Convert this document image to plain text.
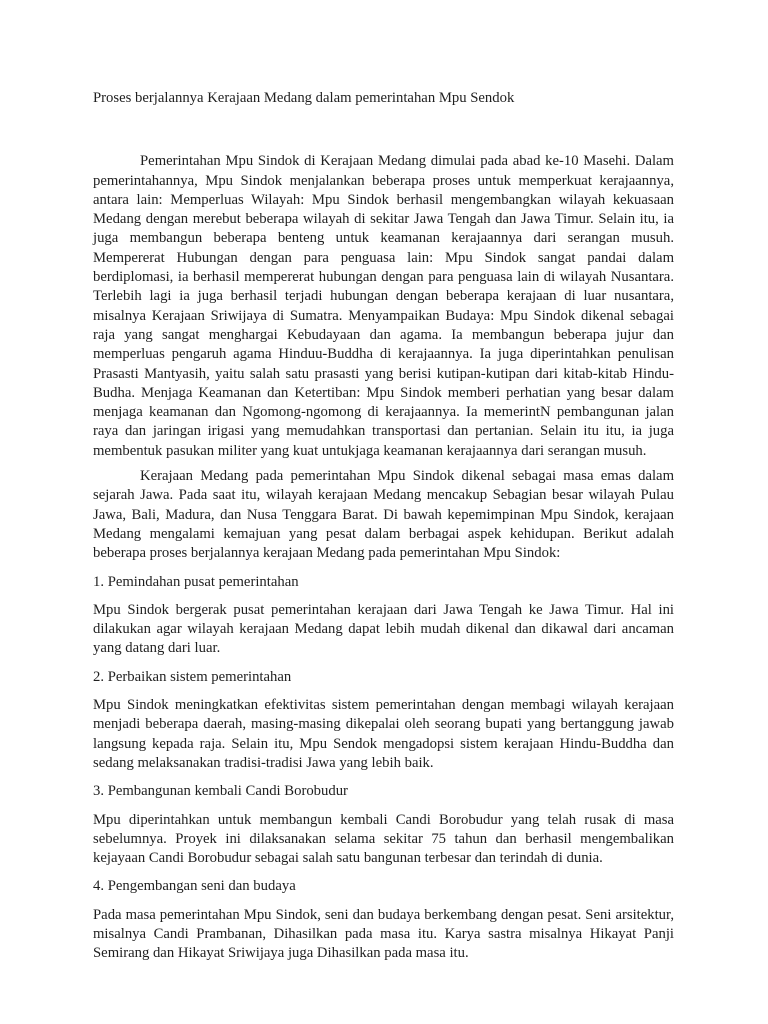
Proses berjalannya Kerajaan Medang dalam pemerintahan Mpu Sendok

Pemerintahan Mpu Sindok di Kerajaan Medang dimulai pada abad ke-10 Masehi. Dalam pemerintahannya, Mpu Sindok menjalankan beberapa proses untuk memperkuat kerajaannya, antara lain: Memperluas Wilayah: Mpu Sindok berhasil mengembangkan wilayah kekuasaan Medang dengan merebut beberapa wilayah di sekitar Jawa Tengah dan Jawa Timur. Selain itu, ia juga membangun beberapa benteng untuk keamanan kerajaannya dari serangan musuh. Mempererat Hubungan dengan para penguasa lain: Mpu Sindok sangat pandai dalam berdiplomasi, ia berhasil mempererat hubungan dengan para penguasa lain di wilayah Nusantara. Terlebih lagi ia juga berhasil terjadi hubungan dengan beberapa kerajaan di luar nusantara, misalnya Kerajaan Sriwijaya di Sumatra. Menyampaikan Budaya: Mpu Sindok dikenal sebagai raja yang sangat menghargai Kebudayaan dan agama. Ia membangun beberapa jujur dan memperluas pengaruh agama Hinduu-Buddha di kerajaannya. Ia juga diperintahkan penulisan Prasasti Mantyasih, yaitu salah satu prasasti yang berisi kutipan-kutipan dari kitab-kitab Hindu-Budha. Menjaga Keamanan dan Ketertiban: Mpu Sindok memberi perhatian yang besar dalam menjaga keamanan dan Ngomong-ngomong di kerajaannya. Ia memerintN pembangunan jalan raya dan jaringan irigasi yang memudahkan transportasi dan pertanian. Selain itu itu, ia juga membentuk pasukan militer yang kuat untukjaga keamanan kerajaannya dari serangan musuh.

Kerajaan Medang pada pemerintahan Mpu Sindok dikenal sebagai masa emas dalam sejarah Jawa. Pada saat itu, wilayah kerajaan Medang mencakup Sebagian besar wilayah Pulau Jawa, Bali, Madura, dan Nusa Tenggara Barat. Di bawah kepemimpinan Mpu Sindok, kerajaan Medang mengalami kemajuan yang pesat dalam berbagai aspek kehidupan. Berikut adalah beberapa proses berjalannya kerajaan Medang pada pemerintahan Mpu Sindok:

1. Pemindahan pusat pemerintahan

Mpu Sindok bergerak pusat pemerintahan kerajaan dari Jawa Tengah ke Jawa Timur. Hal ini dilakukan agar wilayah kerajaan Medang dapat lebih mudah dikenal dan dikawal dari ancaman yang datang dari luar.

2. Perbaikan sistem pemerintahan

Mpu Sindok meningkatkan efektivitas sistem pemerintahan dengan membagi wilayah kerajaan menjadi beberapa daerah, masing-masing dikepalai oleh seorang bupati yang bertanggung jawab langsung kepada raja. Selain itu, Mpu Sendok mengadopsi sistem kerajaan Hindu-Buddha dan sedang melaksanakan tradisi-tradisi Jawa yang lebih baik.

3. Pembangunan kembali Candi Borobudur

Mpu diperintahkan untuk membangun kembali Candi Borobudur yang telah rusak di masa sebelumnya. Proyek ini dilaksanakan selama sekitar 75 tahun dan berhasil mengembalikan kejayaan Candi Borobudur sebagai salah satu bangunan terbesar dan terindah di dunia.

4. Pengembangan seni dan budaya

Pada masa pemerintahan Mpu Sindok, seni dan budaya berkembang dengan pesat. Seni arsitektur, misalnya Candi Prambanan, Dihasilkan pada masa itu. Karya sastra misalnya Hikayat Panji Semirang dan Hikayat Sriwijaya juga Dihasilkan pada masa itu.
